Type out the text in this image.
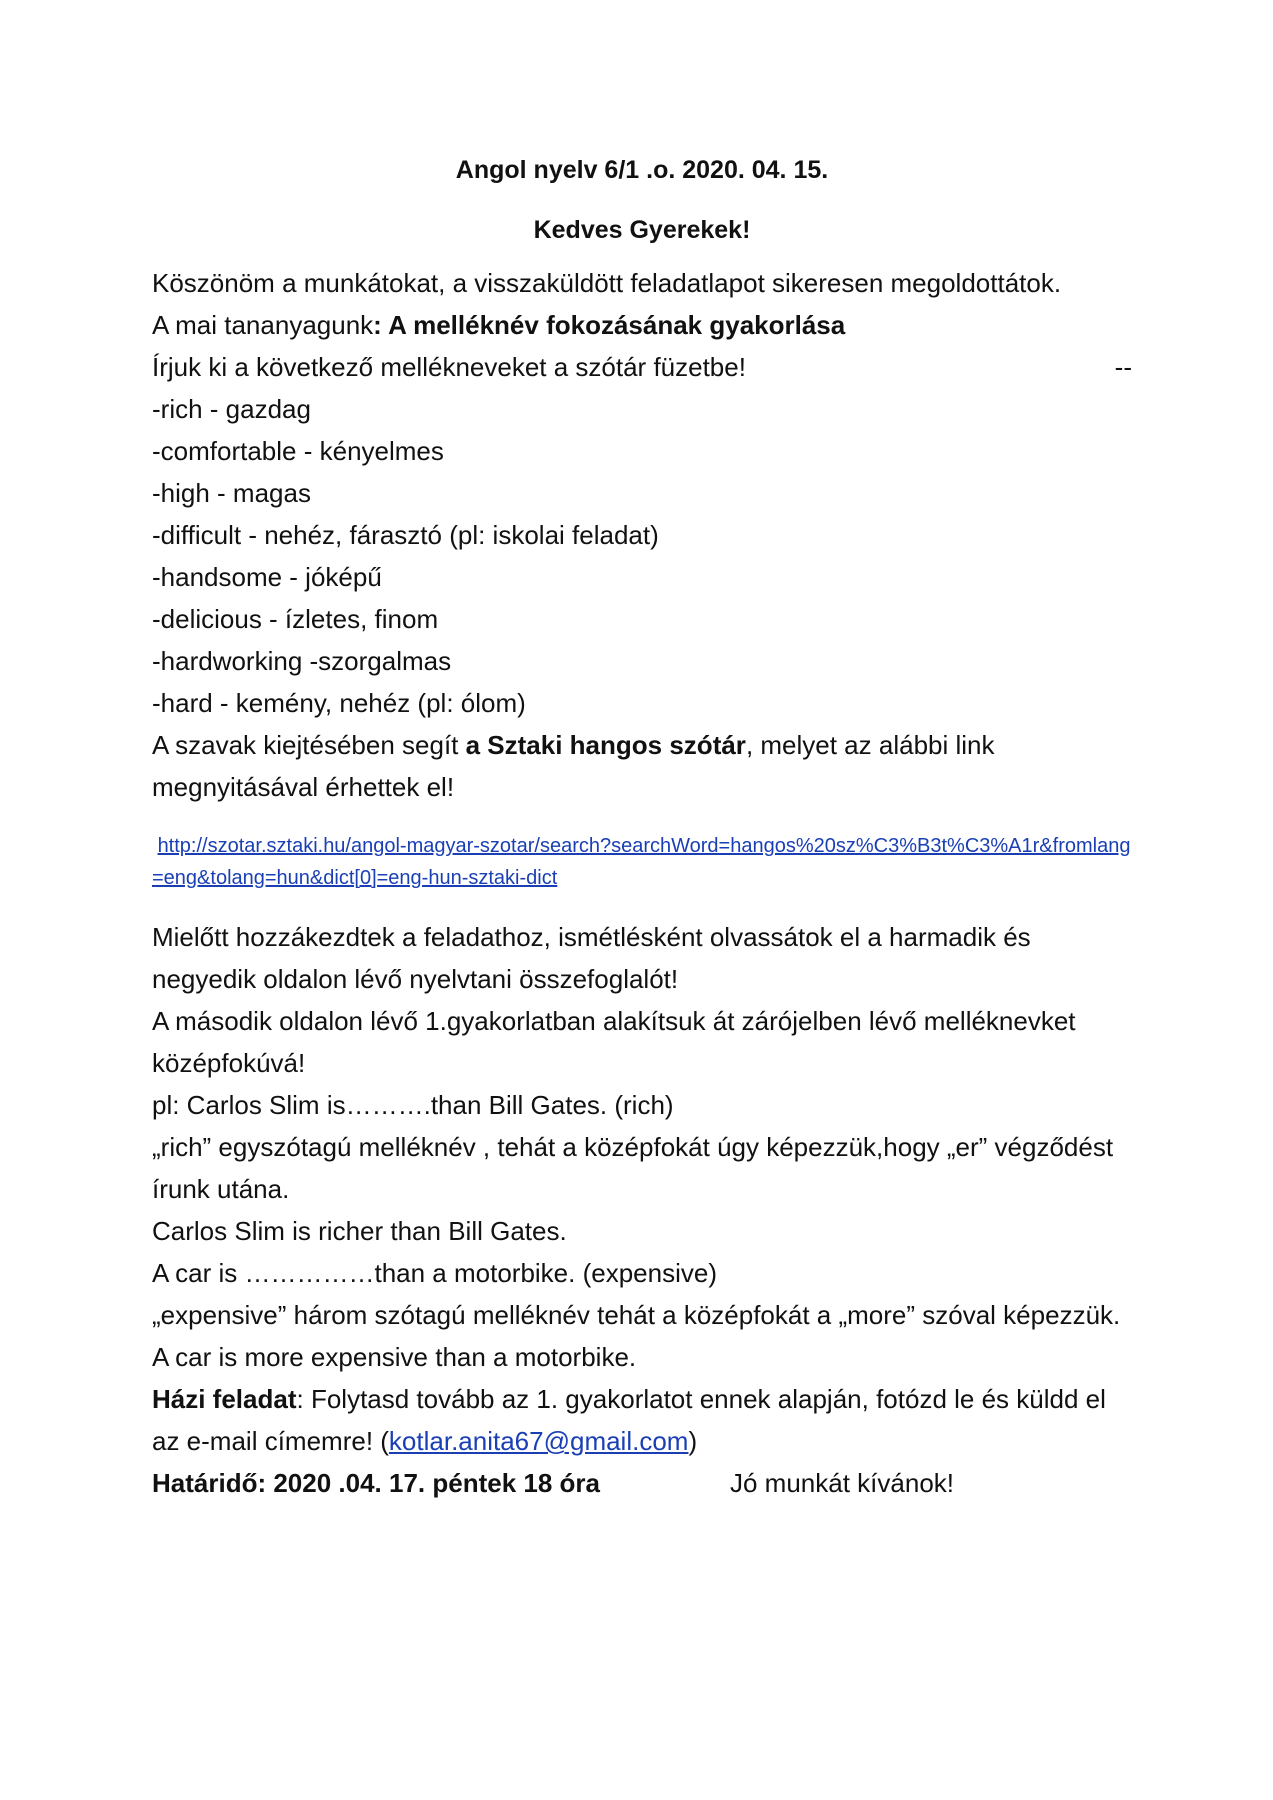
Angol nyelv 6/1 .o. 2020. 04. 15.

Kedves Gyerekek!

Köszönöm a munkátokat, a visszaküldött feladatlapot sikeresen megoldottátok.
A mai tananyagunk: A melléknév fokozásának gyakorlása
Írjuk ki a következő mellékneveket a szótár füzetbe!	--
-rich - gazdag
-comfortable - kényelmes
-high - magas
-difficult - nehéz, fárasztó (pl: iskolai feladat)
-handsome - jóképű
-delicious - ízletes, finom
-hardworking -szorgalmas
-hard - kemény, nehéz (pl: ólom)

A szavak kiejtésében segít a Sztaki hangos szótár, melyet az alábbi link megnyitásával érhettek el!

http://szotar.sztaki.hu/angol-magyar-szotar/search?searchWord=hangos%20sz%C3%B3t%C3%A1r&fromlang=eng&tolang=hun&dict[0]=eng-hun-sztaki-dict

Mielőtt hozzákezdtek a feladathoz, ismétlésként olvassátok el a harmadik és negyedik oldalon lévő nyelvtani összefoglalót!

A második oldalon lévő 1.gyakorlatban alakítsuk át zárójelben lévő melléknevket középfokúvá!

pl: Carlos Slim is……….than Bill Gates. (rich)

„rich” egyszótagú melléknév , tehát a középfokát úgy képezzük,hogy „er” végződést írunk utána.

Carlos Slim is richer than Bill Gates.
A car is ……………than a motorbike. (expensive)

„expensive” három szótagú melléknév tehát a középfokát a „more” szóval képezzük.

A car is more expensive than a motorbike.

Házi feladat: Folytasd tovább az 1. gyakorlatot ennek alapján, fotózd le és küldd el az e-mail címemre! (kotlar.anita67@gmail.com)

Határidő: 2020 .04. 17. péntek 18 óra	Jó munkát kívánok!
